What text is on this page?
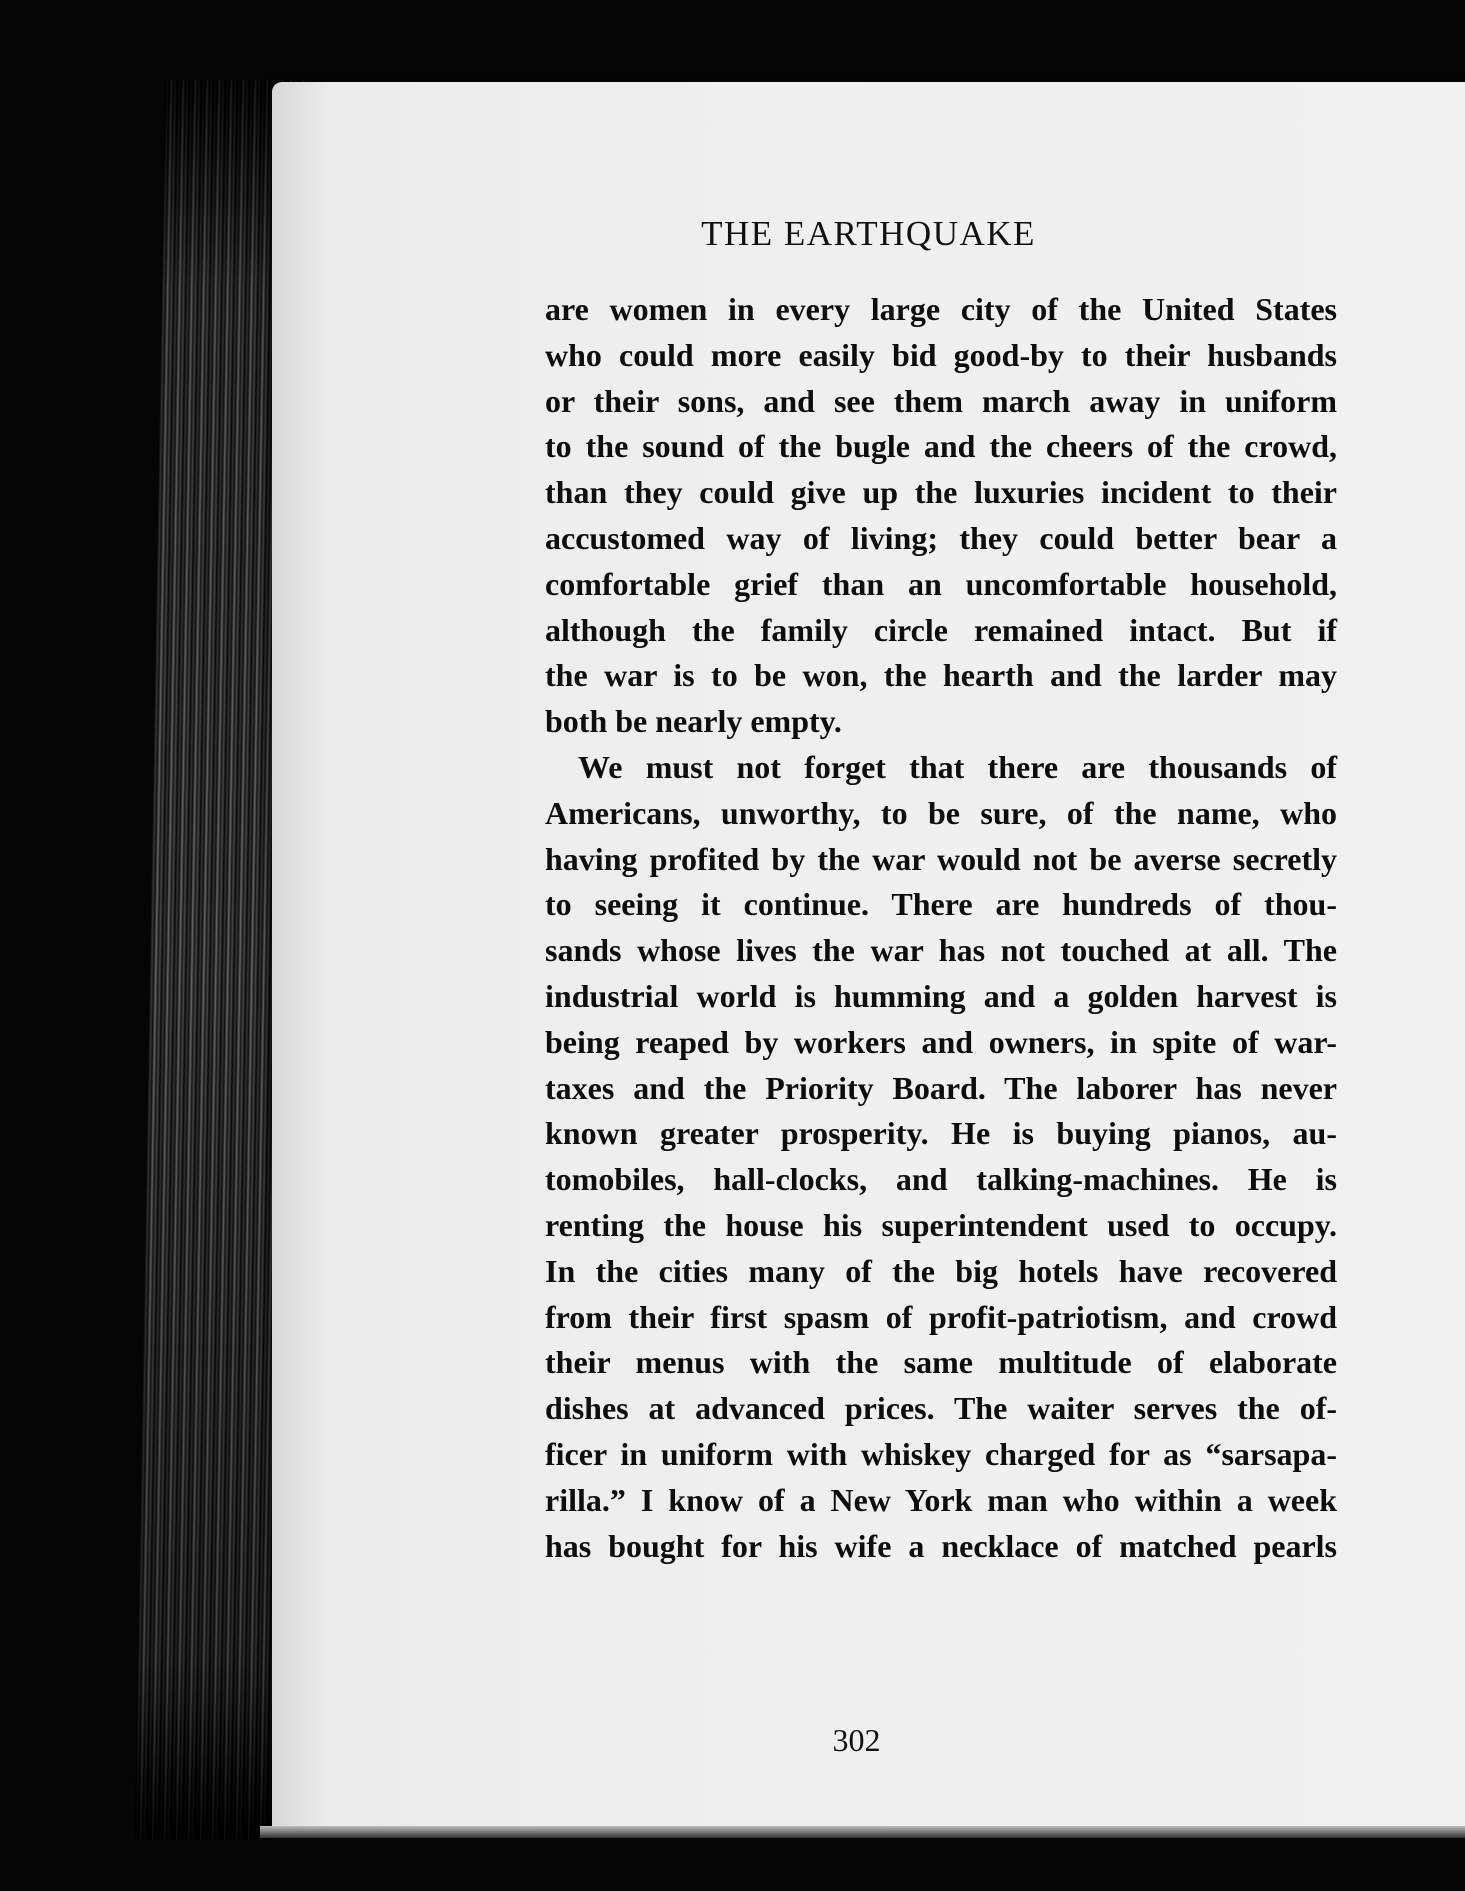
THE EARTHQUAKE
are women in every large city of the United States
who could more easily bid good-by to their husbands
or their sons, and see them march away in uniform
to the sound of the bugle and the cheers of the crowd,
than they could give up the luxuries incident to their
accustomed way of living; they could better bear a
comfortable grief than an uncomfortable household,
although the family circle remained intact. But if
the war is to be won, the hearth and the larder may
both be nearly empty.
We must not forget that there are thousands of
Americans, unworthy, to be sure, of the name, who
having profited by the war would not be averse secretly
to seeing it continue. There are hundreds of thou-
sands whose lives the war has not touched at all. The
industrial world is humming and a golden harvest is
being reaped by workers and owners, in spite of war-
taxes and the Priority Board. The laborer has never
known greater prosperity. He is buying pianos, au-
tomobiles, hall-clocks, and talking-machines. He is
renting the house his superintendent used to occupy.
In the cities many of the big hotels have recovered
from their first spasm of profit-patriotism, and crowd
their menus with the same multitude of elaborate
dishes at advanced prices. The waiter serves the of-
ficer in uniform with whiskey charged for as “sarsapa-
rilla.” I know of a New York man who within a week
has bought for his wife a necklace of matched pearls
302
